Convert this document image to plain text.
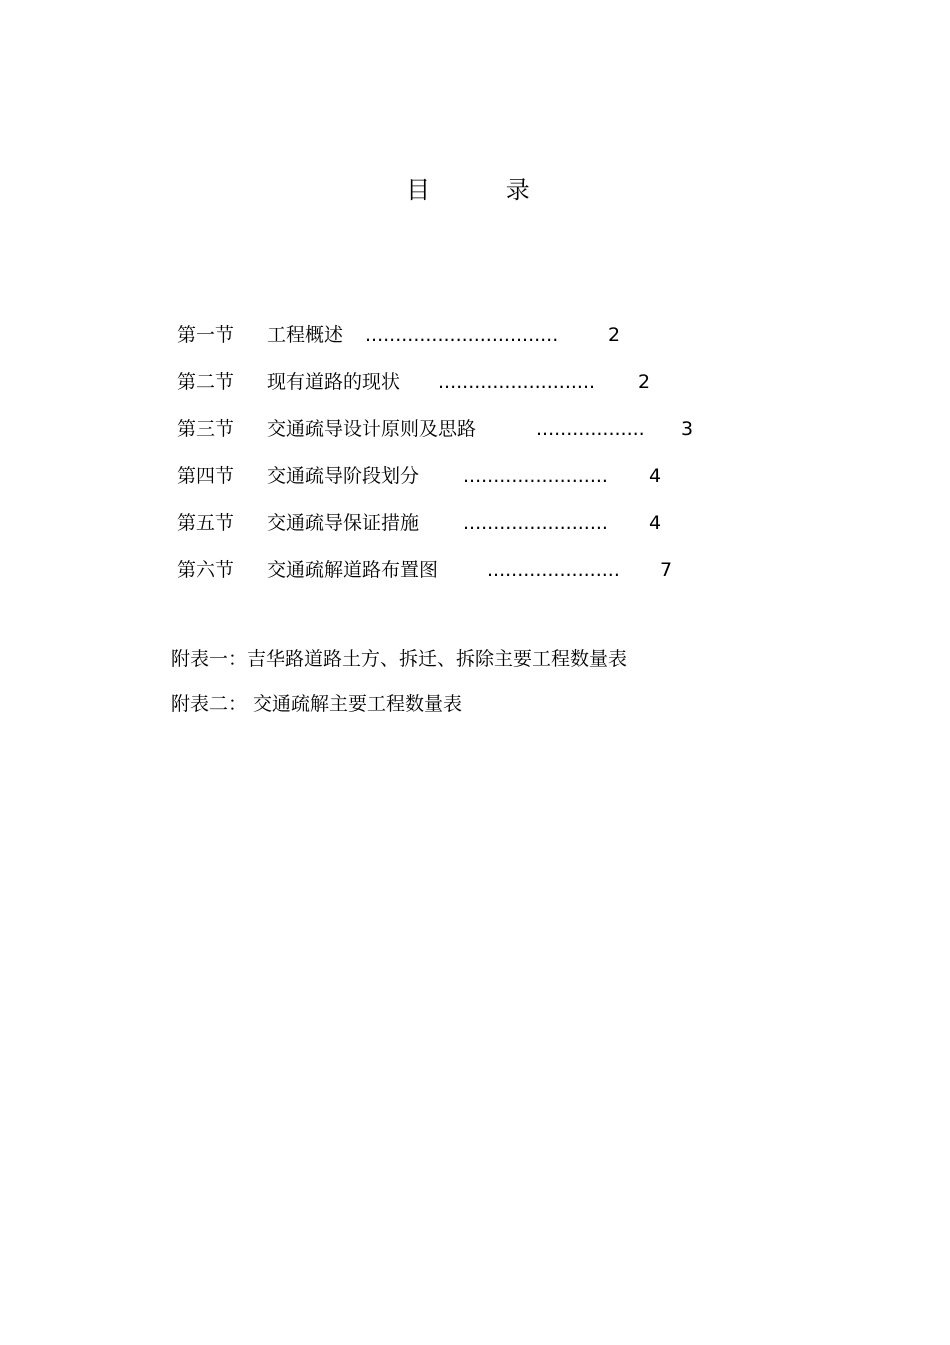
目 录
第一节 工程概述 ................................	2
第二节 现有道路的现状 .......................... 2
第三节 交通疏导设计原则及思路	.................. 3
第四节 交通疏导阶段划分 ........................ 4
第五节 交通疏导保证措施 ........................ 4
第六节 交通疏解道路布置图	...................... 7
附表一：吉华路道路土方、拆迁、拆除主要工程数量表
附表二： 交通疏解主要工程数量表
